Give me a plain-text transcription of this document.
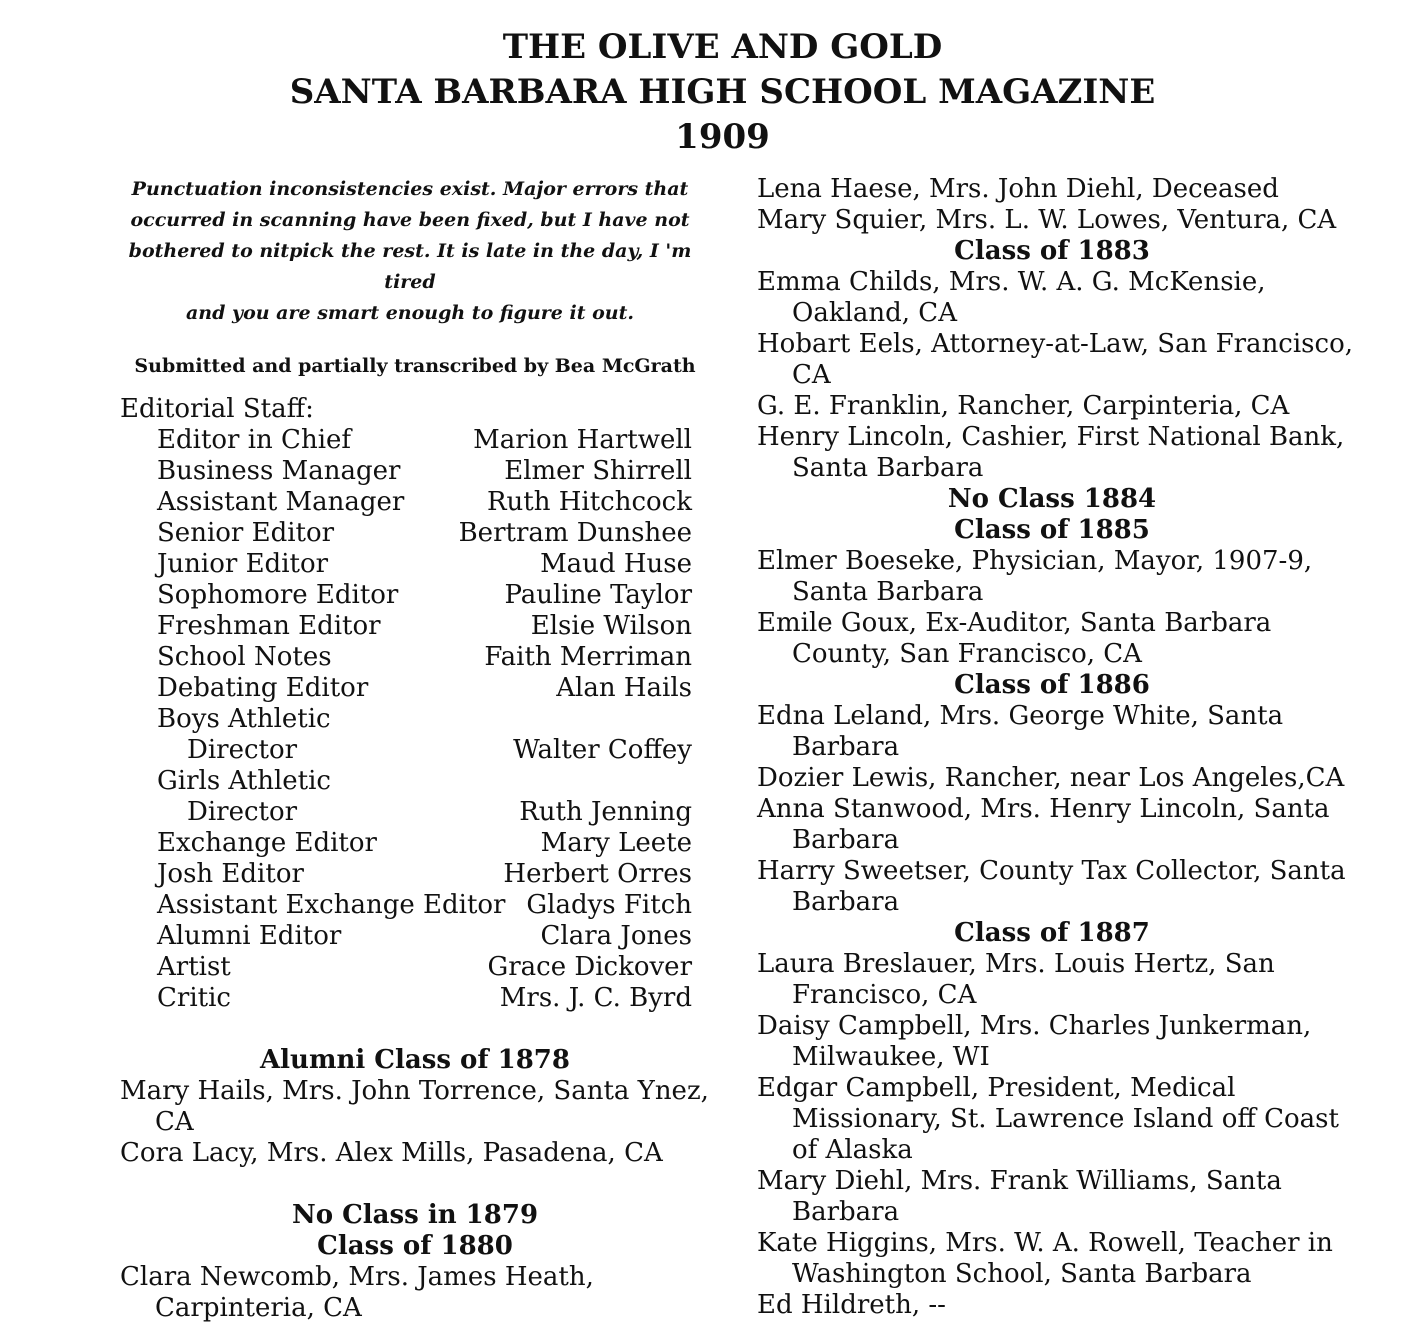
THE OLIVE AND GOLD
SANTA BARBARA HIGH SCHOOL MAGAZINE
1909
Punctuation inconsistencies exist. Major errors that
occurred in scanning have been fixed, but I have not
bothered to nitpick the rest. It is late in the day, I 'm tired
and you are smart enough to figure it out.
Submitted and partially transcribed by Bea McGrath
Editorial Staff:
Editor in Chief	Marion Hartwell
Business Manager	Elmer Shirrell
Assistant Manager	Ruth Hitchcock
Senior Editor	Bertram Dunshee
Junior Editor	Maud Huse
Sophomore Editor	Pauline Taylor
Freshman Editor	Elsie Wilson
School Notes	Faith Merriman
Debating Editor	Alan Hails
Boys Athletic
Director	Walter Coffey
Girls Athletic
Director	Ruth Jenning
Exchange Editor	Mary Leete
Josh Editor	Herbert Orres
Assistant Exchange Editor Gladys Fitch
Alumni Editor	Clara Jones
Artist	Grace Dickover
Critic	Mrs. J. C. Byrd
Alumni Class of 1878
Mary Hails, Mrs. John Torrence, Santa Ynez,
CA
Cora Lacy, Mrs. Alex Mills, Pasadena, CA
No Class in 1879
Class of 1880
Clara Newcomb, Mrs. James Heath,
Carpinteria, CA
Lena Haese, Mrs. John Diehl, Deceased
Mary Squier, Mrs. L. W. Lowes, Ventura, CA
Class of 1883
Emma Childs, Mrs. W. A. G. McKensie,
Oakland, CA
Hobart Eels, Attorney-at-Law, San Francisco,
CA
G. E. Franklin, Rancher, Carpinteria, CA
Henry Lincoln, Cashier, First National Bank,
Santa Barbara
No Class 1884
Class of 1885
Elmer Boeseke, Physician, Mayor, 1907-9,
Santa Barbara
Emile Goux, Ex-Auditor, Santa Barbara
County, San Francisco, CA
Class of 1886
Edna Leland, Mrs. George White, Santa
Barbara
Dozier Lewis, Rancher, near Los Angeles,CA
Anna Stanwood, Mrs. Henry Lincoln, Santa
Barbara
Harry Sweetser, County Tax Collector, Santa
Barbara
Class of 1887
Laura Breslauer, Mrs. Louis Hertz, San
Francisco, CA
Daisy Campbell, Mrs. Charles Junkerman,
Milwaukee, WI
Edgar Campbell, President, Medical
Missionary, St. Lawrence Island off Coast
of Alaska
Mary Diehl, Mrs. Frank Williams, Santa
Barbara
Kate Higgins, Mrs. W. A. Rowell, Teacher in
Washington School, Santa Barbara
Ed Hildreth, --
